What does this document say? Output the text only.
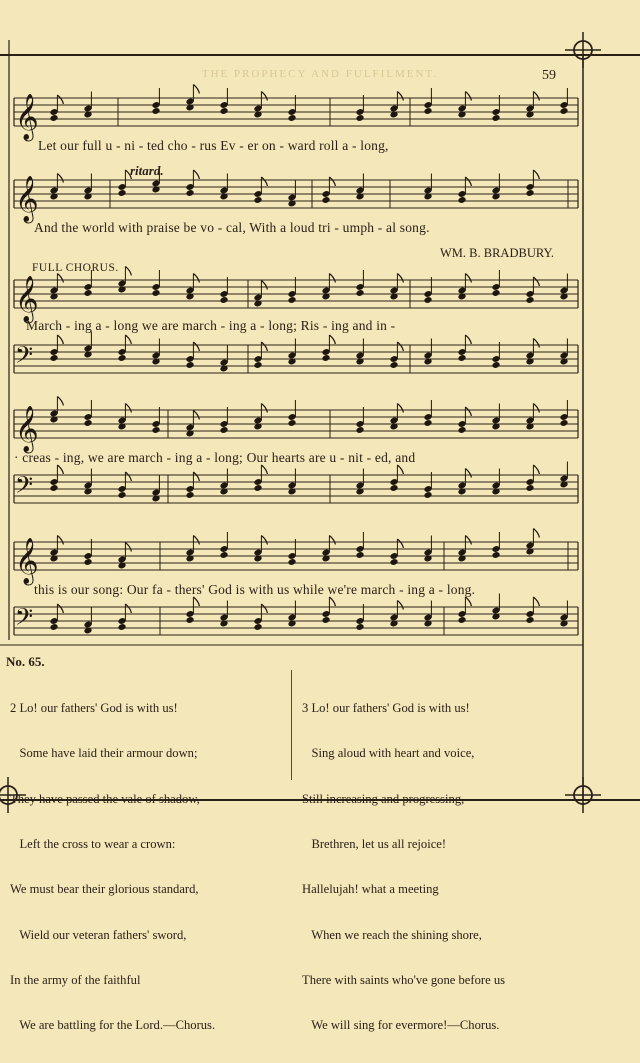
THE PROPHECY AND FULFILMENT.	59
𝄞
𝄞
𝄞
𝄢
𝄞
𝄢
𝄞
𝄢
ritard.
WM. B. BRADBURY.
FULL CHORUS.
Let our full u - ni - ted cho - rus Ev - er on - ward roll a - long,
And the world with praise be vo - cal, With a loud tri - umph - al song.
March - ing a - long we are march - ing a - long; Ris - ing and in -
· creas - ing, we are march - ing a - long; Our hearts are u - nit - ed, and
this is our song: Our fa - thers' God is with us while we're march - ing a - long.
No. 65.

2 Lo! our fathers' God is with us!

Some have laid their armour down;

They have passed the vale of shadow,

Left the cross to wear a crown:

We must bear their glorious standard,

Wield our veteran fathers' sword,

In the army of the faithful

We are battling for the Lord.—Chorus.

3 Lo! our fathers' God is with us!

Sing aloud with heart and voice,

Still increasing and progressing,

Brethren, let us all rejoice!

Hallelujah! what a meeting

When we reach the shining shore,

There with saints who've gone before us

We will sing for evermore!—Chorus.
